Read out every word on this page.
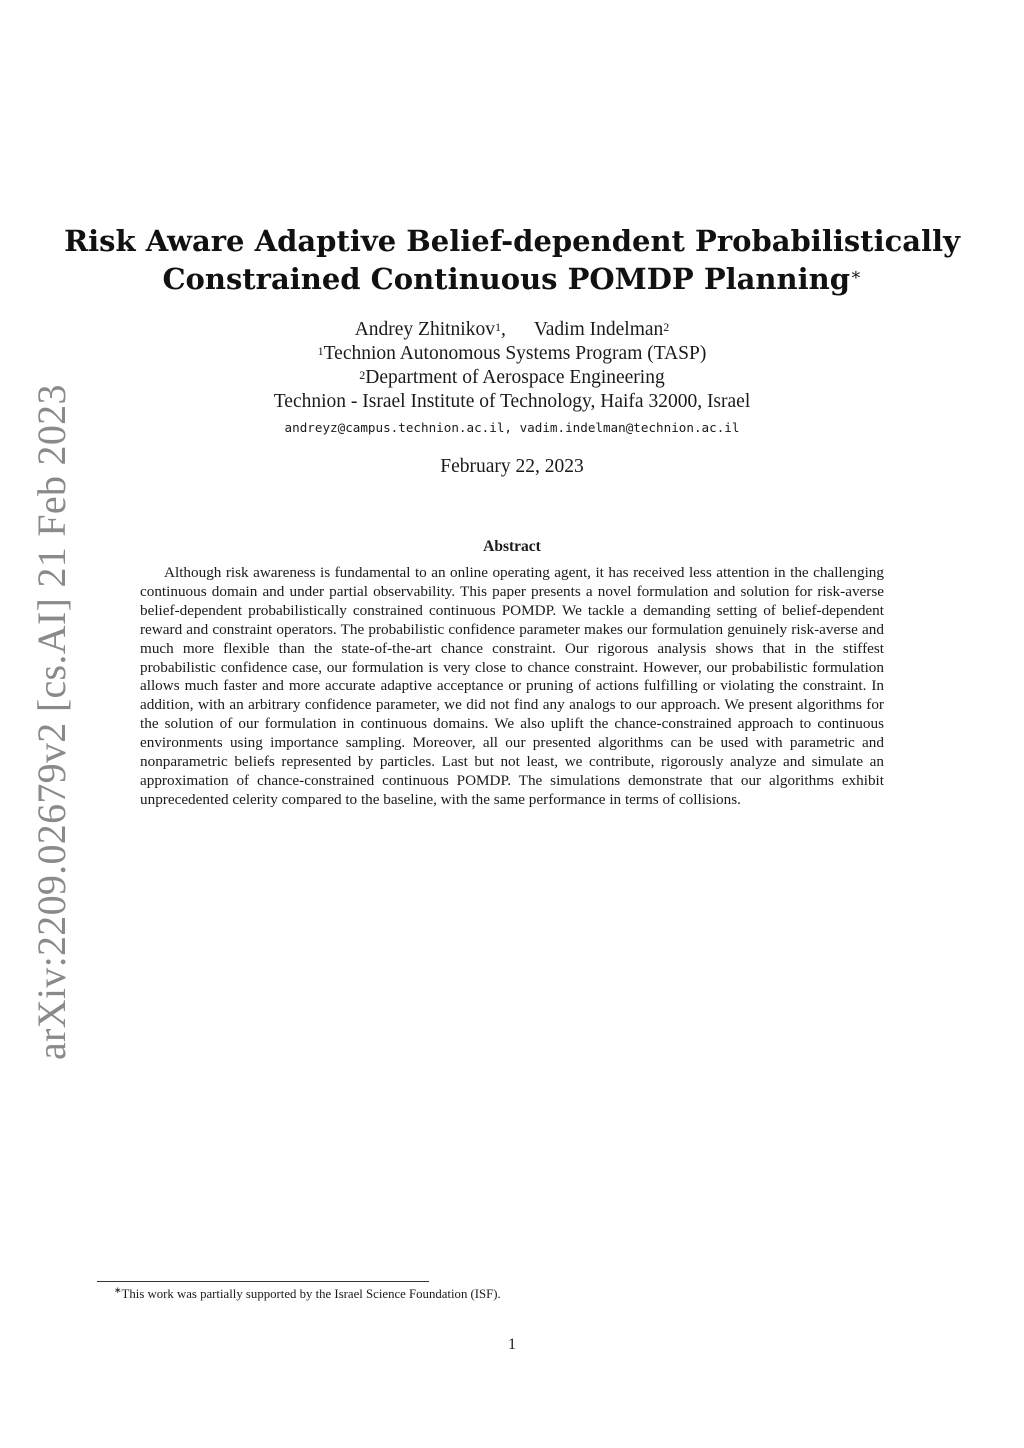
arXiv:2209.02679v2 [cs.AI] 21 Feb 2023
Risk Aware Adaptive Belief-dependent Probabilistically
Constrained Continuous POMDP Planning∗
Andrey Zhitnikov$^1$, Vadim Indelman$^2$
$^1$Technion Autonomous Systems Program (TASP)
$^2$Department of Aerospace Engineering
Technion - Israel Institute of Technology, Haifa 32000, Israel
andreyz@campus.technion.ac.il, vadim.indelman@technion.ac.il
February 22, 2023
Abstract
Although risk awareness is fundamental to an online operating agent, it has received less attention in the challenging continuous domain and under partial observability. This paper presents a novel formulation and solution for risk-averse belief-dependent probabilistically constrained continuous POMDP. We tackle a demanding setting of belief-dependent reward and constraint operators. The probabilistic confidence parameter makes our formulation genuinely risk-averse and much more flexible than the state-of-the-art chance constraint. Our rigorous analysis shows that in the stiffest probabilistic confidence case, our formulation is very close to chance constraint. However, our probabilistic formulation allows much faster and more accurate adaptive acceptance or pruning of actions fulfilling or violating the constraint. In addition, with an arbitrary confidence parameter, we did not find any analogs to our approach. We present algorithms for the solution of our formulation in continuous domains. We also uplift the chance-constrained approach to continuous environments using importance sampling. Moreover, all our presented algorithms can be used with parametric and nonparametric beliefs represented by particles. Last but not least, we contribute, rigorously analyze and simulate an approximation of chance-constrained continuous POMDP. The simulations demonstrate that our algorithms exhibit unprecedented celerity compared to the baseline, with the same performance in terms of collisions.
∗This work was partially supported by the Israel Science Foundation (ISF).
1
